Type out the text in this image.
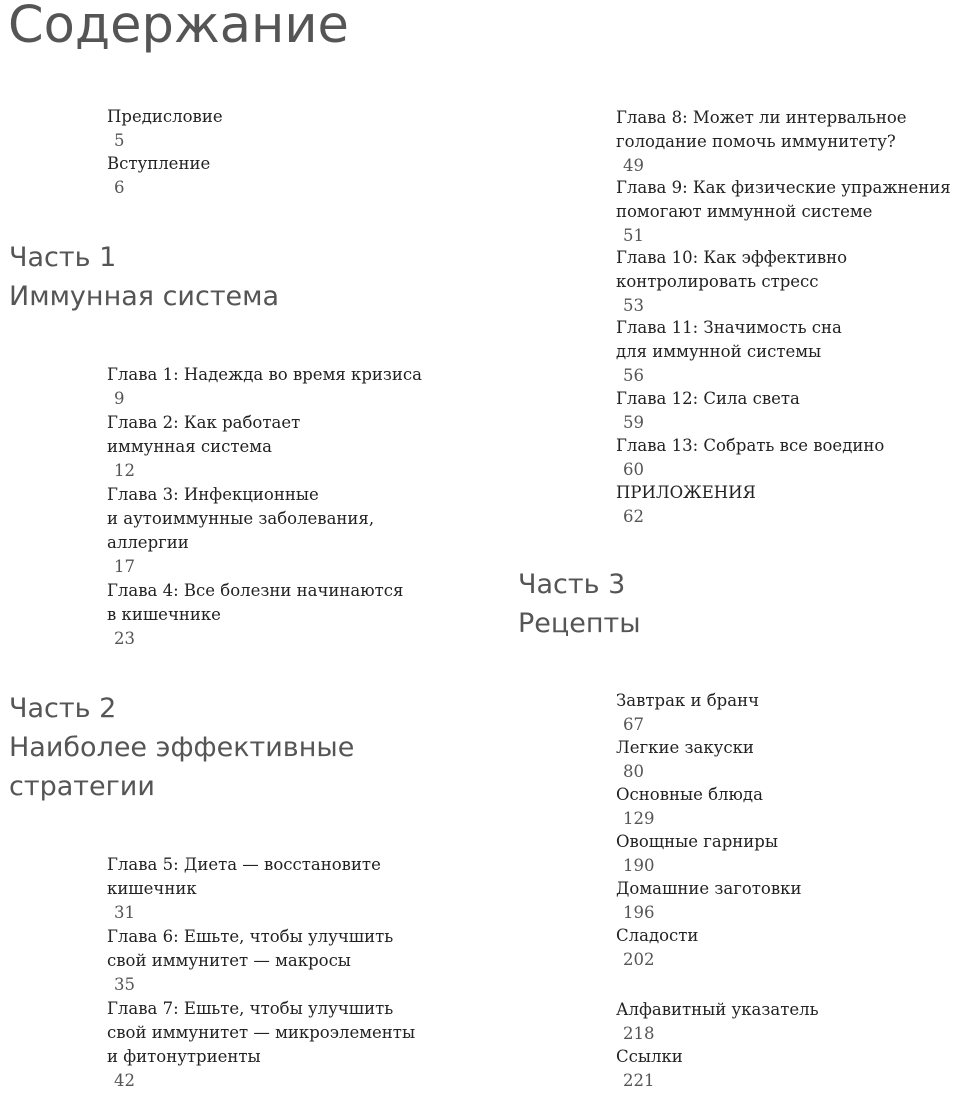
Содержание
Предисловие
5
Вступление
6
Часть 1
Иммунная система
Глава 1: Надежда во время кризиса
9
Глава 2: Как работает
иммунная система
12
Глава 3: Инфекционные
и аутоиммунные заболевания,
аллергии
17
Глава 4: Все болезни начинаются
в кишечнике
23
Часть 2
Наиболее эффективные
стратегии
Глава 5: Диета — восстановите
кишечник
31
Глава 6: Ешьте, чтобы улучшить
свой иммунитет — макросы
35
Глава 7: Ешьте, чтобы улучшить
свой иммунитет — микроэлементы
и фитонутриенты
42
Глава 8: Может ли интервальное
голодание помочь иммунитету?
49
Глава 9: Как физические упражнения
помогают иммунной системе
51
Глава 10: Как эффективно
контролировать стресс
53
Глава 11: Значимость сна
для иммунной системы
56
Глава 12: Сила света
59
Глава 13: Собрать все воедино
60
ПРИЛОЖЕНИЯ
62
Часть 3
Рецепты
Завтрак и бранч
67
Легкие закуски
80
Основные блюда
129
Овощные гарниры
190
Домашние заготовки
196
Сладости
202
Алфавитный указатель
218
Ссылки
221
